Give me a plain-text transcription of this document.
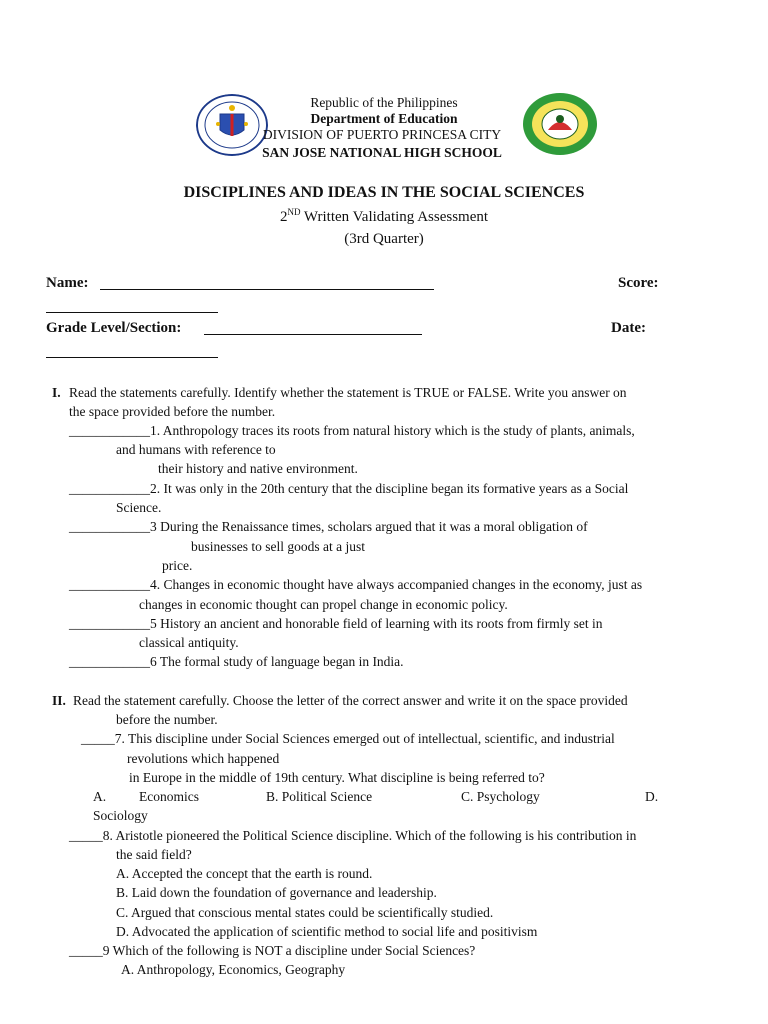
Republic of the Philippines
Department of Education
DIVISION OF PUERTO PRINCESA CITY
SAN JOSE NATIONAL HIGH SCHOOL
DISCIPLINES AND IDEAS IN THE SOCIAL SCIENCES
2ND Written Validating Assessment
(3rd Quarter)
Name:	Score:
Grade Level/Section:	Date:
I. Read the statements carefully. Identify whether the statement is TRUE or FALSE. Write you answer on
the space provided before the number.
____________1. Anthropology traces its roots from natural history which is the study of plants, animals,
and humans with reference to
their history and native environment.
____________2. It was only in the 20th century that the discipline began its formative years as a Social
Science.
____________3 During the Renaissance times, scholars argued that it was a moral obligation of
businesses to sell goods at a just
price.
____________4. Changes in economic thought have always accompanied changes in the economy, just as
changes in economic thought can propel change in economic policy.
____________5 History an ancient and honorable field of learning with its roots from firmly set in
classical antiquity.
____________6 The formal study of language began in India.
II. Read the statement carefully. Choose the letter of the correct answer and write it on the space provided
before the number.
_____7. This discipline under Social Sciences emerged out of intellectual, scientific, and industrial
revolutions which happened
in Europe in the middle of 19th century. What discipline is being referred to?
A. Economics	B. Political Science	C. Psychology	D.
Sociology
_____8. Aristotle pioneered the Political Science discipline. Which of the following is his contribution in
the said field?
A. Accepted the concept that the earth is round.
B. Laid down the foundation of governance and leadership.
C. Argued that conscious mental states could be scientifically studied.
D. Advocated the application of scientific method to social life and positivism
_____9 Which of the following is NOT a discipline under Social Sciences?
A. Anthropology, Economics, Geography
